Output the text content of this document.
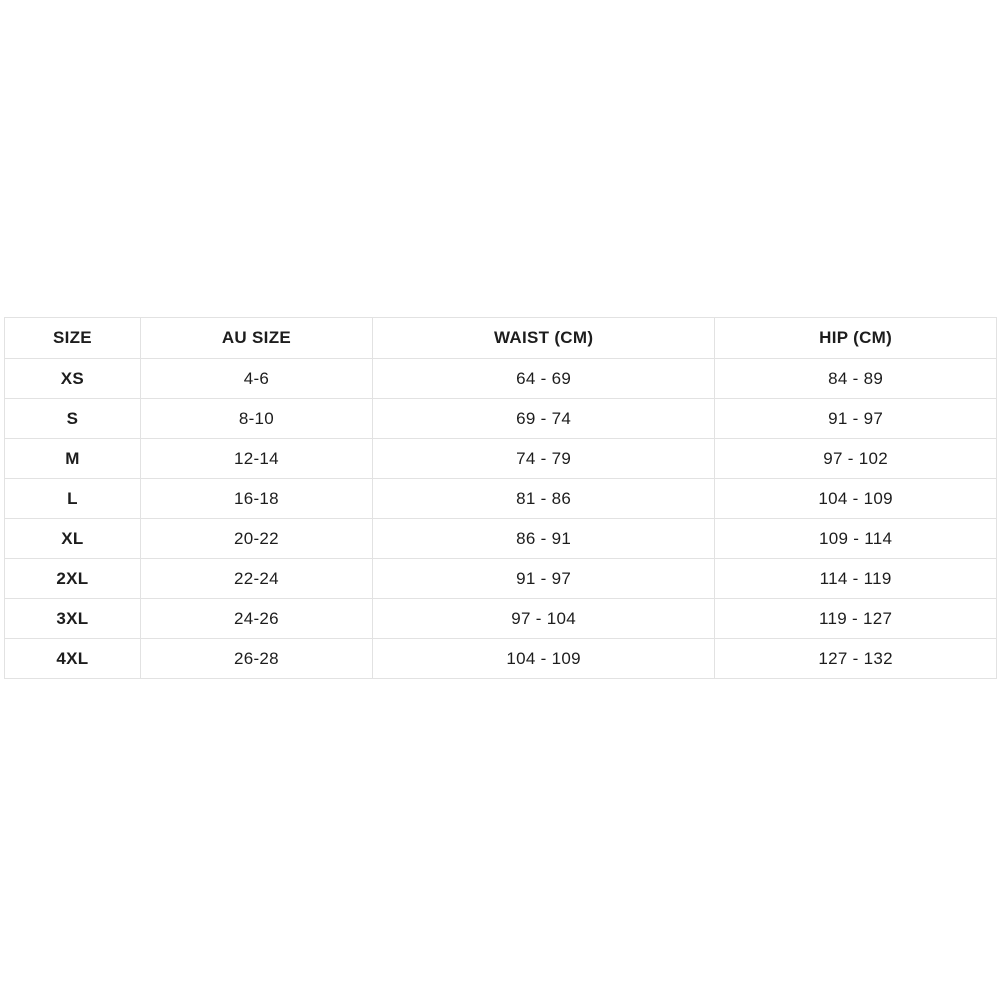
SIZE	AU SIZE	WAIST (CM)	HIP (CM)
XS	4-6	64 - 69	84 - 89
S	8-10	69 - 74	91 - 97
M	12-14	74 - 79	97 - 102
L	16-18	81 - 86	104 - 109
XL	20-22	86 - 91	109 - 114
2XL	22-24	91 - 97	114 - 119
3XL	24-26	97 - 104	119 - 127
4XL	26-28	104 - 109	127 - 132
